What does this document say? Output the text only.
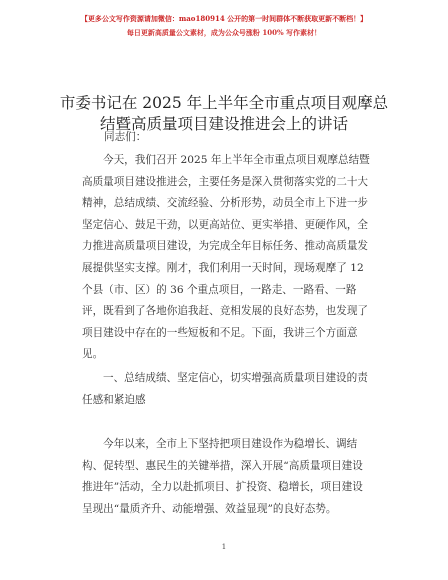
【更多公文写作资源请加微信：mao180914 公开的第一时间群体不断获取更新不断档！】
每日更新高质量公文素材，成为公众号涨粉 100% 写作素材！
市委书记在 2025 年上半年全市重点项目观摩总
结暨高质量项目建设推进会上的讲话
同志们：
今天，我们召开 2025 年上半年全市重点项目观摩总结暨
高质量项目建设推进会，主要任务是深入贯彻落实党的二十大
精神，总结成绩、交流经验、分析形势，动员全市上下进一步
坚定信心、鼓足干劲，以更高站位、更实举措、更硬作风，全
力推进高质量项目建设，为完成全年目标任务、推动高质量发
展提供坚实支撑。刚才，我们利用一天时间，现场观摩了 12
个县（市、区）的 36 个重点项目，一路走、一路看、一路
评，既看到了各地你追我赶、竞相发展的良好态势，也发现了
项目建设中存在的一些短板和不足。下面，我讲三个方面意
见。
一、总结成绩、坚定信心，切实增强高质量项目建设的责
任感和紧迫感
今年以来，全市上下坚持把项目建设作为稳增长、调结
构、促转型、惠民生的关键举措，深入开展“高质量项目建设
推进年”活动，全力以赴抓项目、扩投资、稳增长，项目建设
呈现出“量质齐升、动能增强、效益显现”的良好态势。
1
